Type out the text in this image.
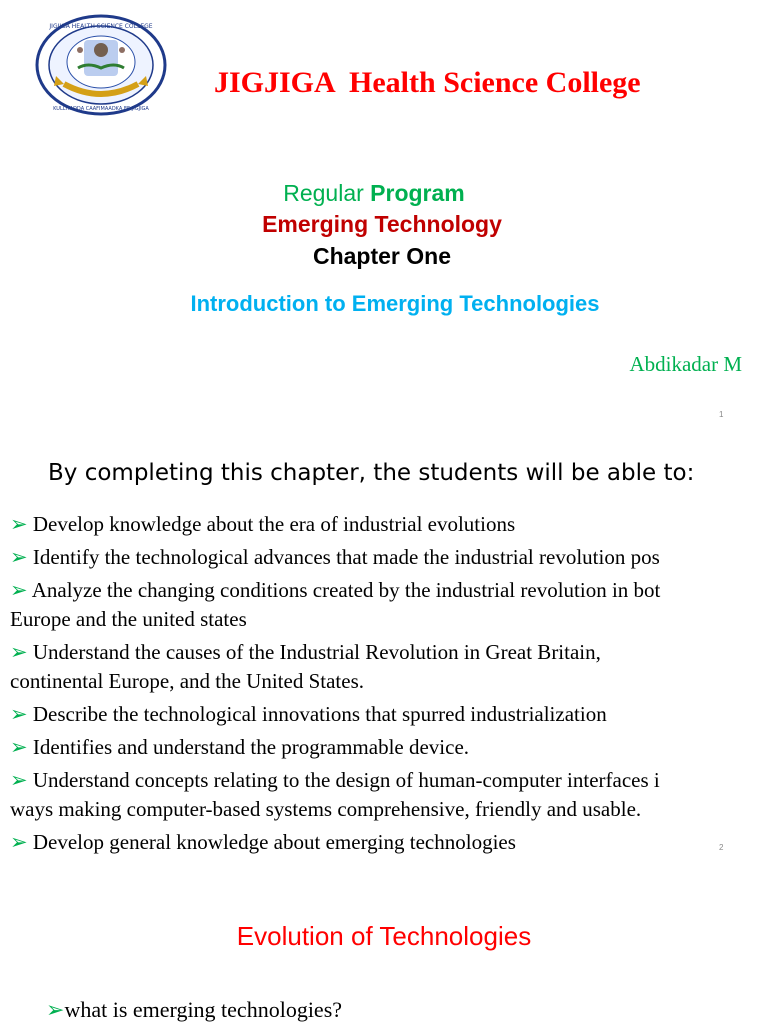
JIGJIGA HEALTH SCIENCE COLLEGE
KULLIYADDA CAAFIMAADKA EE JIGJIGA
JIGJIGA  Health Science College
Regular Program
Emerging Technology
Chapter One
Introduction to Emerging Technologies
Abdikadar M
1
By completing this chapter, the students will be able to:
➢ Develop knowledge about the era of industrial evolutions
➢ Identify the technological advances that made the industrial revolution pos
➢ Analyze the changing conditions created by the industrial revolution in bot
Europe and the united states
➢ Understand the causes of the Industrial Revolution in Great Britain,
continental Europe, and the United States.
➢ Describe the technological innovations that spurred industrialization
➢ Identifies and understand the programmable device.
➢ Understand concepts relating to the design of human-computer interfaces i
ways making computer-based systems comprehensive, friendly and usable.
➢ Develop general knowledge about emerging technologies	2
Evolution of Technologies
➢what is emerging technologies?
